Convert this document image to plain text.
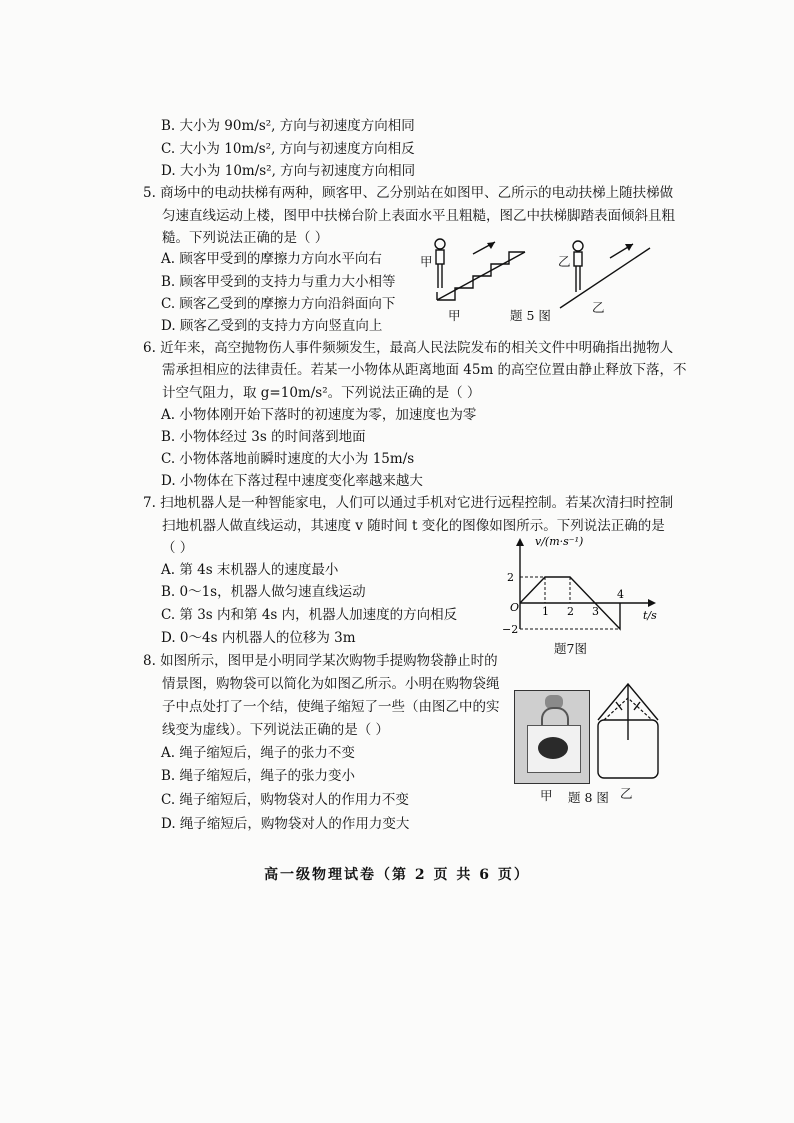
B. 大小为 90m/s², 方向与初速度方向相同
C. 大小为 10m/s², 方向与初速度方向相反
D. 大小为 10m/s², 方向与初速度方向相同
5. 商场中的电动扶梯有两种，顾客甲、乙分别站在如图甲、乙所示的电动扶梯上随扶梯做
匀速直线运动上楼，图甲中扶梯台阶上表面水平且粗糙，图乙中扶梯脚踏表面倾斜且粗
糙。下列说法正确的是（ ）
A. 顾客甲受到的摩擦力方向水平向右
B. 顾客甲受到的支持力与重力大小相等
C. 顾客乙受到的摩擦力方向沿斜面向下
D. 顾客乙受到的支持力方向竖直向上
甲	乙
甲
乙
题 5 图
6. 近年来，高空抛物伤人事件频频发生，最高人民法院发布的相关文件中明确指出抛物人
需承担相应的法律责任。若某一小物体从距离地面 45m 的高空位置由静止释放下落，不
计空气阻力，取 g=10m/s²。下列说法正确的是（ ）
A. 小物体刚开始下落时的初速度为零，加速度也为零
B. 小物体经过 3s 的时间落到地面
C. 小物体落地前瞬时速度的大小为 15m/s
D. 小物体在下落过程中速度变化率越来越大
7. 扫地机器人是一种智能家电，人们可以通过手机对它进行远程控制。若某次清扫时控制
扫地机器人做直线运动，其速度 v 随时间 t 变化的图像如图所示。下列说法正确的是
（ ）
A. 第 4s 末机器人的速度最小
B. 0～1s，机器人做匀速直线运动
C. 第 3s 内和第 4s 内，机器人加速度的方向相反
D. 0～4s 内机器人的位移为 3m
v/(m·s⁻¹)
t/s
O 1 2 3
4
2
−2
题7图
8. 如图所示，图甲是小明同学某次购物手提购物袋静止时的
情景图，购物袋可以简化为如图乙所示。小明在购物袋绳
子中点处打了一个结，使绳子缩短了一些（由图乙中的实
线变为虚线）。下列说法正确的是（ ）
A. 绳子缩短后，绳子的张力不变
B. 绳子缩短后，绳子的张力变小
C. 绳子缩短后，购物袋对人的作用力不变
D. 绳子缩短后，购物袋对人的作用力变大
甲 题 8 图 乙
高一级物理试卷（第 2 页 共 6 页）
